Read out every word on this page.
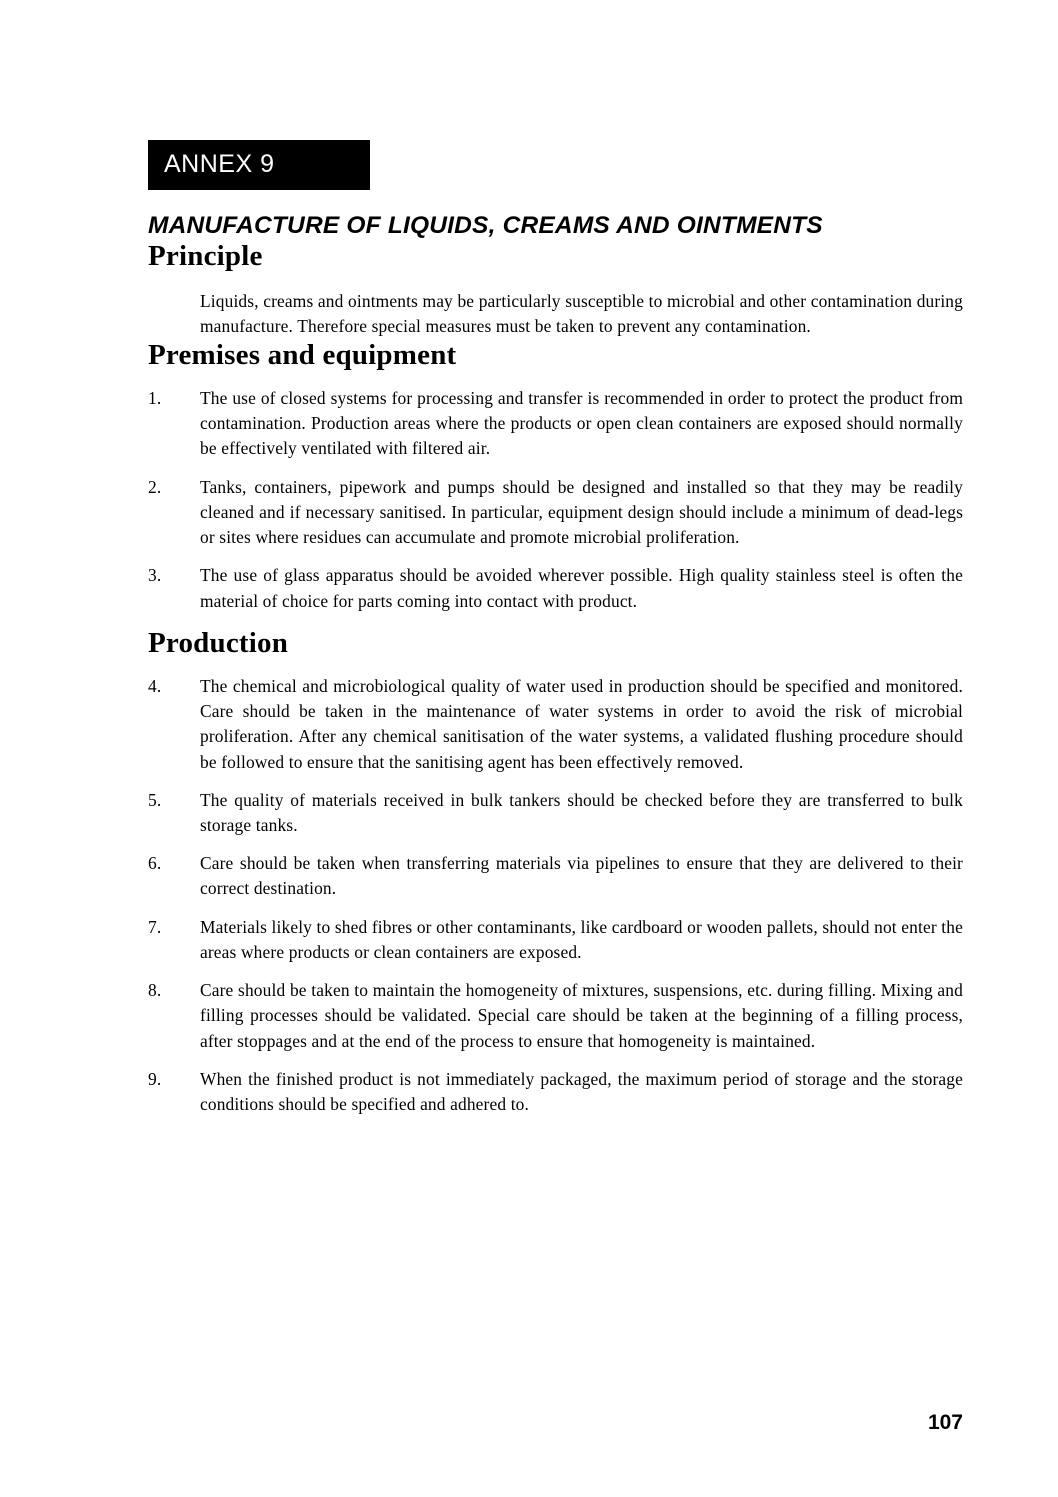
ANNEX 9
MANUFACTURE OF LIQUIDS, CREAMS AND OINTMENTS
Principle
Liquids, creams and ointments may be particularly susceptible to microbial and other contamination during manufacture. Therefore special measures must be taken to prevent any contamination.
Premises and equipment
1.	The use of closed systems for processing and transfer is recommended in order to protect the product from contamination. Production areas where the products or open clean containers are exposed should normally be effectively ventilated with filtered air.
2.	Tanks, containers, pipework and pumps should be designed and installed so that they may be readily cleaned and if necessary sanitised. In particular, equipment design should include a minimum of dead-legs or sites where residues can accumulate and promote microbial proliferation.
3.	The use of glass apparatus should be avoided wherever possible. High quality stainless steel is often the material of choice for parts coming into contact with product.
Production
4.	The chemical and microbiological quality of water used in production should be specified and monitored. Care should be taken in the maintenance of water systems in order to avoid the risk of microbial proliferation. After any chemical sanitisation of the water systems, a validated flushing procedure should be followed to ensure that the sanitising agent has been effectively removed.
5.	The quality of materials received in bulk tankers should be checked before they are transferred to bulk storage tanks.
6.	Care should be taken when transferring materials via pipelines to ensure that they are delivered to their correct destination.
7.	Materials likely to shed fibres or other contaminants, like cardboard or wooden pallets, should not enter the areas where products or clean containers are exposed.
8.	Care should be taken to maintain the homogeneity of mixtures, suspensions, etc. during filling. Mixing and filling processes should be validated. Special care should be taken at the beginning of a filling process, after stoppages and at the end of the process to ensure that homogeneity is maintained.
9.	When the finished product is not immediately packaged, the maximum period of storage and the storage conditions should be specified and adhered to.
107
